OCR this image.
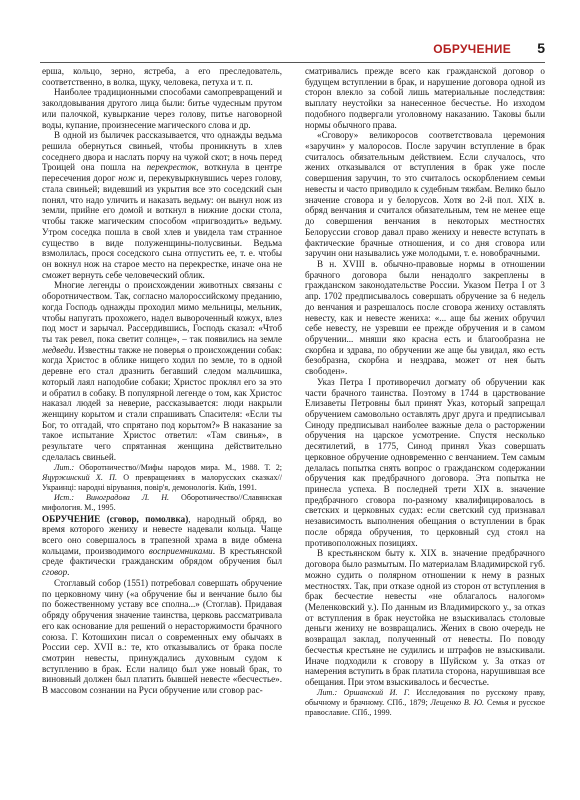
ОБРУЧЕНИЕ 5

ерша, кольцо, зерно, ястреба, а его преследователь, соответственно, в волка, щуку, человека, петуха и т. п.

Наиболее традиционными способами самопревращений и заколдовывания другого лица были: битье чудесным прутом или палочкой, кувыркание через голову, питье наговорной воды, купание, произнесение магического слова и др.

В одной из быличек рассказывается, что однажды ведьма решила обернуться свиньей, чтобы проникнуть в хлев соседнего двора и наслать порчу на чужой скот; в ночь перед Троицей она пошла на перекресток, воткнула в центре пересечения дорог нож и, перекувыркнувшись через голову, стала свиньей; видевший из укрытия все это соседский сын понял, что надо уличить и наказать ведьму: он вынул нож из земли, прийне его домой и воткнул в нижние доски стола, чтобы также магическим способом «пригвоздить» ведьму. Утром соседка пошла в свой хлев и увидела там странное существо в виде полуженщины-полусвиньи. Ведьма взмолилась, прося соседского сына отпустить ее, т. е. чтобы он вокнул нож на старое место на перекрестке, иначе она не сможет вернуть себе человеческий облик.

Многие легенды о происхождении животных связаны с оборотничеством. Так, согласно малороссийскому преданию, когда Господь однажды проходил мимо мельницы, мельник, чтобы напугать прохожего, надел вывороченный кожух, влез под мост и зарычал. Рассердившись, Господь сказал: «Чтоб ты так ревел, пока светит солнце», – так появились на земле медведи. Известны также не поверья о происхождении собак: когда Христос в облике нищего ходил по земле, то в одной деревне его стал дразнить бегавший следом мальчишка, который лаял наподобие собаки; Христос проклял его за это и обратил в собаку. В популярной легенде о том, как Христос наказал людей за неверие, рассказывается: люди накрыли женщину корытом и стали спрашивать Спасителя: «Если ты Бог, то отгадай, что спрятано под корытом?» В наказание за такое испытание Христос ответил: «Там свинья», в результате чего спрятанная женщина действительно сделалась свиньей.

Лит.: Оборотничество//Мифы народов мира. М., 1988. Т. 2; Яцуржинский Х. П. О превращениях в малорусских сказках//Украинці: народні вірування, повір'я, демонологія. Київ, 1991.

Ист.: Виноградова Л. Н. Оборотничество//Славянская мифология. М., 1995.

ОБРУЧЕНИЕ (сговор, помолвка), народный обряд, во время которого жениху и невесте надевали кольца. Чаще всего оно совершалось в трапезной храма в виде обмена кольцами, производимого восприемниками. В крестьянской среде фактически гражданским обрядом обручения был сговор.

Стоглавый собор (1551) потребовал совершать обручение по церковному чину («а обручение бы и венчание было бы по божественному уставу все сполна...» (Стоглав). Придавая обряду обручения значение таинства, церковь рассматривала его как основание для решений о нерасторжимости брачного союза. Г. Котошихин писал о современных ему обычаях в России сер. XVII в.: те, кто отказывались от брака после смотрин невесты, принуждались духовным судом к вступлению в брак. Если налицо был уже новый брак, то виновный должен был платить бывшей невесте «бесчестье». В массовом сознании на Руси обручение или сговор рас-

сматривались прежде всего как гражданской договор о будущем вступлении в брак, и нарушение договора одной из сторон влекло за собой лишь материальные последствия: выплату неустойки за нанесенное бесчестье. Но изходом подобного подвергали уголовному наказанию. Таковы были нормы обычного права.

«Сговору» великоросов соответствовала церемония «заручин» у малоросов. После заручин вступление в брак считалось обязательным действием. Если случалось, что жених отказывался от вступления в брак уже после совершения заручин, то это считалось оскорблением семьи невесты и часто приводило к судебным тяжбам. Велико было значение сговора и у белорусов. Хотя во 2-й пол. XIX в. обряд венчания и считался обязательным, тем не менее еще до совершения венчания в некоторых местностях Белоруссии сговор давал право жениху и невесте вступать в фактические брачные отношения, и со дня сговора или заручин они назывались уже молодыми, т. е. новобрачными.

В н. XVIII в. обычно-правовые нормы в отношении брачного договора были ненадолго закреплены в гражданском законодательстве России. Указом Петра I от 3 апр. 1702 предписывалось совершать обручение за 6 недель до венчания и разрешалось после сговора жениху оставлять невесту, как и невесте жениха: «... аще бы жених обручил себе невесту, не узревши ее прежде обручения и в самом обручении... мняши яко красна есть и благообразна не скорбна и здрава, по обручении же аще бы увидал, яко есть безобразна, скорбна и нездрава, может от нея быть свободен».

Указ Петра I противоречил догмату об обручении как части брачного таинства. Поэтому в 1744 в царствование Елизаветы Петровны был принят Указ, который запрещал обручением самовольно оставлять друг друга и предписывал Синоду предписывал наиболее важные дела о расторжении обручения на царское усмотрение. Спустя несколько десятилетий, в 1775, Синод принял Указ совершать церковное обручение одновременно с венчанием. Тем самым делалась попытка снять вопрос о гражданском содержании обручения как предбрачного договора. Эта попытка не принесла успеха. В последней трети XIX в. значение предбрачного сговора по-разному квалифицировалось в светских и церковных судах: если светский суд признавал независимость выполнения обещания о вступлении в брак после обряда обручения, то церковный суд стоял на противоположных позициях.

В крестьянском быту к. XIX в. значение предбрачного договора было размытым. По материалам Владимирской губ. можно судить о полярном отношении к нему в разных местностях. Так, при отказе одной из сторон от вступления в брак бесчестие невесты «не облагалось налогом» (Меленковский у.). По данным из Владимирского у., за отказ от вступления в брак неустойка не взыскивалась столовые деньги жениху не возвращались. Жених в свою очередь не возвращал заклад, полученный от невесты. По поводу бесчестья крестьяне не судились и штрафов не взыскивали. Иначе подходили к сговору в Шуйском у. За отказ от намерения вступить в брак платила сторона, нарушившая все обещания. При этом взыскивалось и бесчестье.

Лит.: Оршанский И. Г. Исследования по русскому праву, обычному и брачному. СПб., 1879; Лещенко В. Ю. Семья и русское православие. СПб., 1999.
